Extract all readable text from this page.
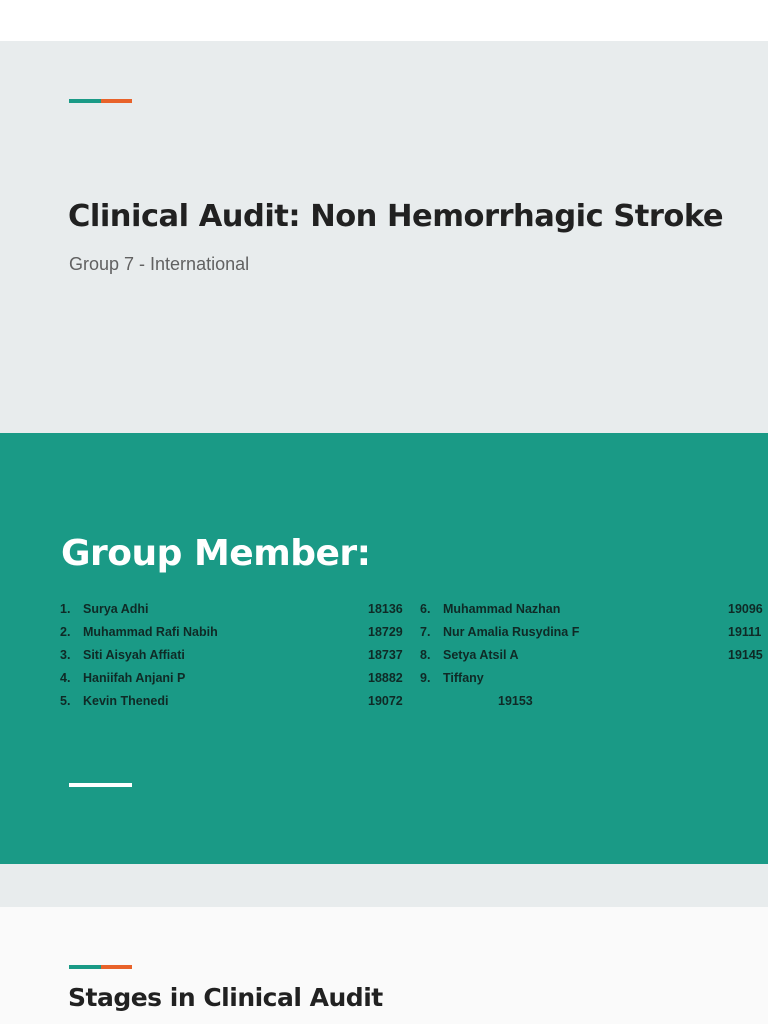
Clinical Audit: Non Hemorrhagic Stroke

Group 7 - International

Group Member:
1. Surya Adhi	18136
2. Muhammad Rafi Nabih	18729
3. Siti Aisyah Affiati	18737
4. Haniifah Anjani P	18882
5. Kevin Thenedi	19072
6. Muhammad Nazhan	19096
7. Nur Amalia Rusydina F	19111
8. Setya Atsil A	19145
9. Tiffany
19153
Stages in Clinical Audit
